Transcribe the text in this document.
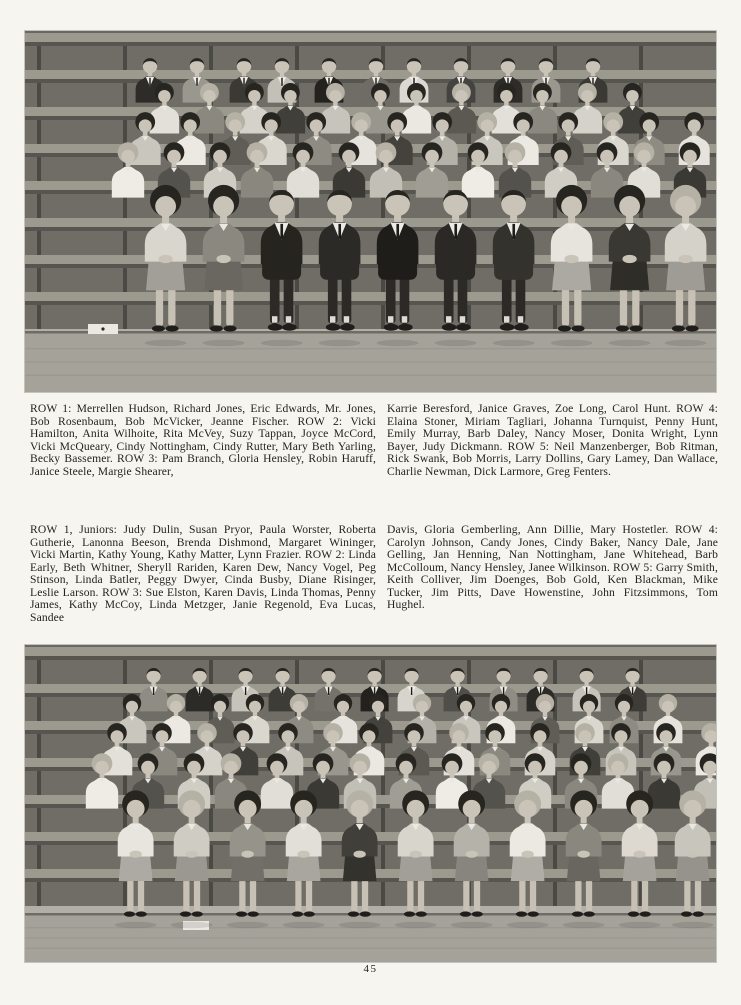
ROW 1: Merrellen Hudson, Richard Jones, Eric Edwards, Mr. Jones, Bob Rosenbaum, Bob McVicker, Jeanne Fischer. ROW 2: Vicki Hamilton, Anita Wilhoite, Rita McVey, Suzy Tappan, Joyce McCord, Vicki McQueary, Cindy Nottingham, Cindy Rutter, Mary Beth Yarling, Becky Bassemer. ROW 3: Pam Branch, Gloria Hensley, Robin Haruff, Janice Steele, Margie Shearer,

Karrie Beresford, Janice Graves, Zoe Long, Carol Hunt. ROW 4: Elaina Stoner, Miriam Tagliari, Johanna Turnquist, Penny Hunt, Emily Murray, Barb Daley, Nancy Moser, Donita Wright, Lynn Bayer, Judy Dickmann. ROW 5: Neil Manzenberger, Bob Ritman, Rick Swank, Bob Morris, Larry Dollins, Gary Lamey, Dan Wallace, Charlie Newman, Dick Larmore, Greg Fenters.

ROW 1, Juniors: Judy Dulin, Susan Pryor, Paula Worster, Roberta Gutherie, Lanonna Beeson, Brenda Dishmond, Margaret Wininger, Vicki Martin, Kathy Young, Kathy Matter, Lynn Frazier. ROW 2: Linda Early, Beth Whitner, Sheryll Rariden, Karen Dew, Nancy Vogel, Peg Stinson, Linda Batler, Peggy Dwyer, Cinda Busby, Diane Risinger, Leslie Larson. ROW 3: Sue Elston, Karen Davis, Linda Thomas, Penny James, Kathy McCoy, Linda Metzger, Janie Regenold, Eva Lucas, Sandee

Davis, Gloria Gemberling, Ann Dillie, Mary Hostetler. ROW 4: Carolyn Johnson, Candy Jones, Cindy Baker, Nancy Dale, Jane Gelling, Jan Henning, Nan Nottingham, Jane Whitehead, Barb McColloum, Nancy Hensley, Janee Wilkinson. ROW 5: Garry Smith, Keith Colliver, Jim Doenges, Bob Gold, Ken Blackman, Mike Tucker, Jim Pitts, Dave Howenstine, John Fitzsimmons, Tom Hughel.

45
